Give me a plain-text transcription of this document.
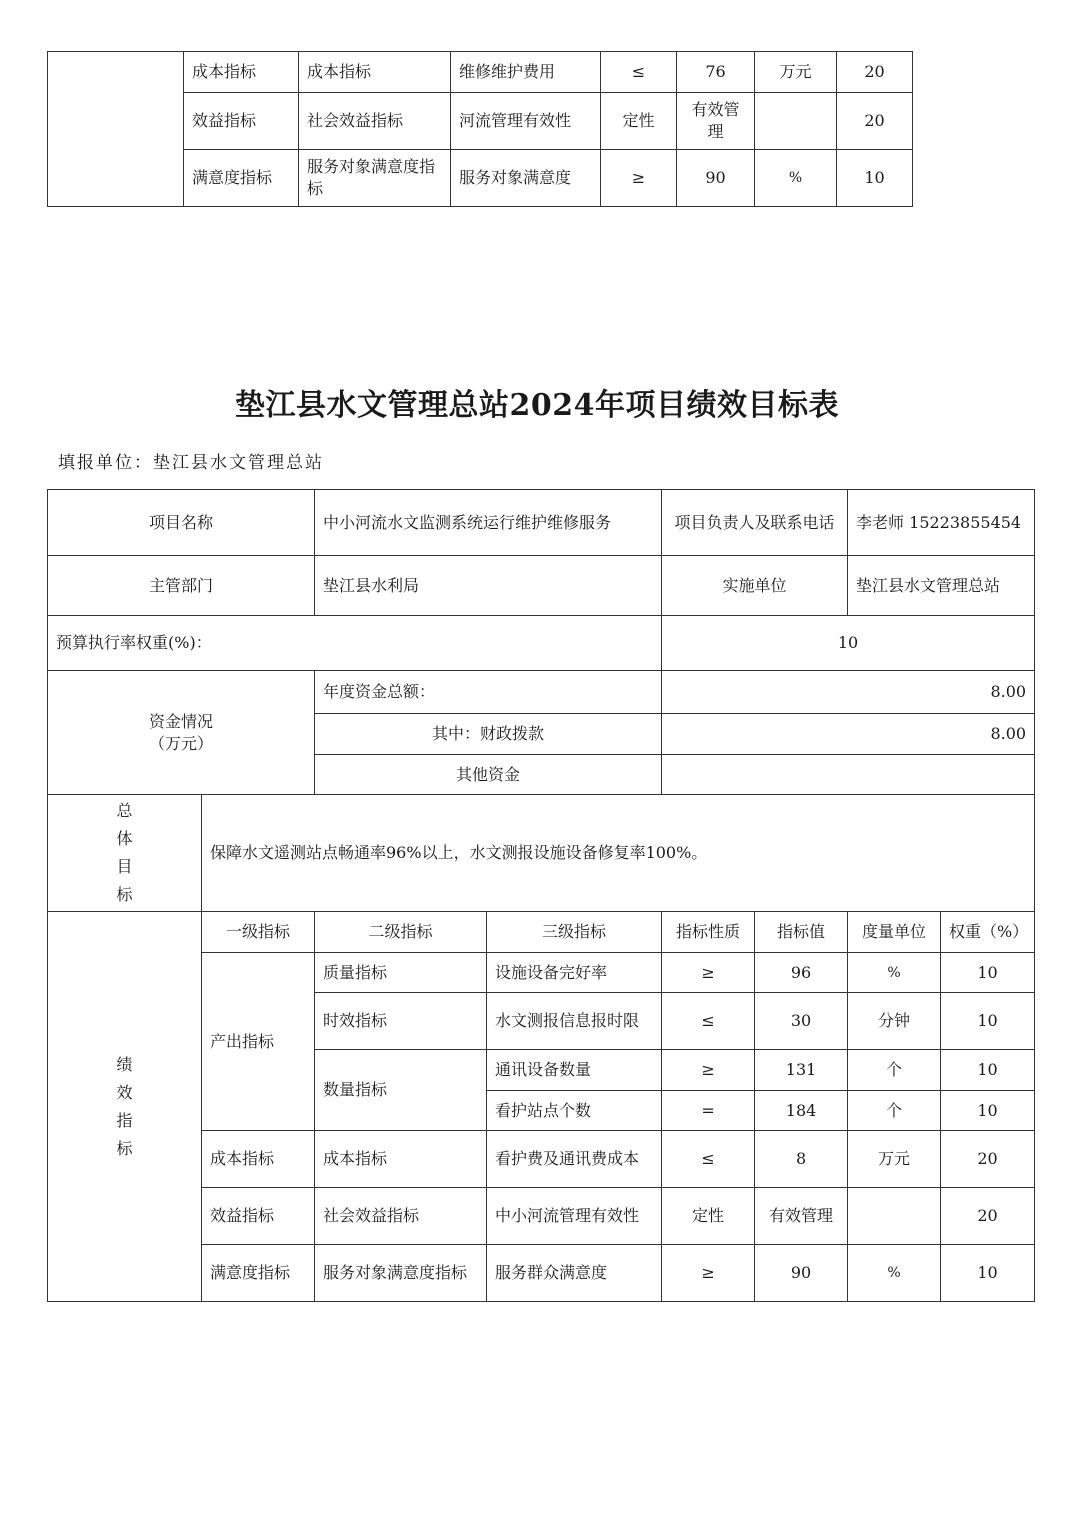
	成本指标	成本指标	维修维护费用	≤	76	万元	20
	效益指标	社会效益指标	河流管理有效性	定性	有效管理		20
	满意度指标	服务对象满意度指标	服务对象满意度	≥	90	%	10
垫江县水文管理总站2024年项目绩效目标表
填报单位：垫江县水文管理总站
项目名称		中小河流水文监测系统运行维护维修服务		项目负责人及联系电话		李老师 15223855454	
主管部门		垫江县水利局		实施单位		垫江县水文管理总站	
预算执行率权重(%)：				10			

资金情况
（万元）		年度资金总额：		8.00			
		其中：财政拨款		8.00			
		其他资金					

总
体
目
标	保障水文遥测站点畅通率96%以上，水文测报设施设备修复率100%。						

绩
效
指
标	一级指标	二级指标	三级指标	指标性质	指标值	度量单位	权重（%）
	产出指标	质量指标	设施设备完好率	≥	96	%	10
		时效指标	水文测报信息报时限	≤	30	分钟	10
		数量指标	通讯设备数量	≥	131	个	10
			看护站点个数	=	184	个	10
	成本指标	成本指标	看护费及通讯费成本	≤	8	万元	20
	效益指标	社会效益指标	中小河流管理有效性	定性	有效管理		20
	满意度指标	服务对象满意度指标	服务群众满意度	≥	90	%	10
